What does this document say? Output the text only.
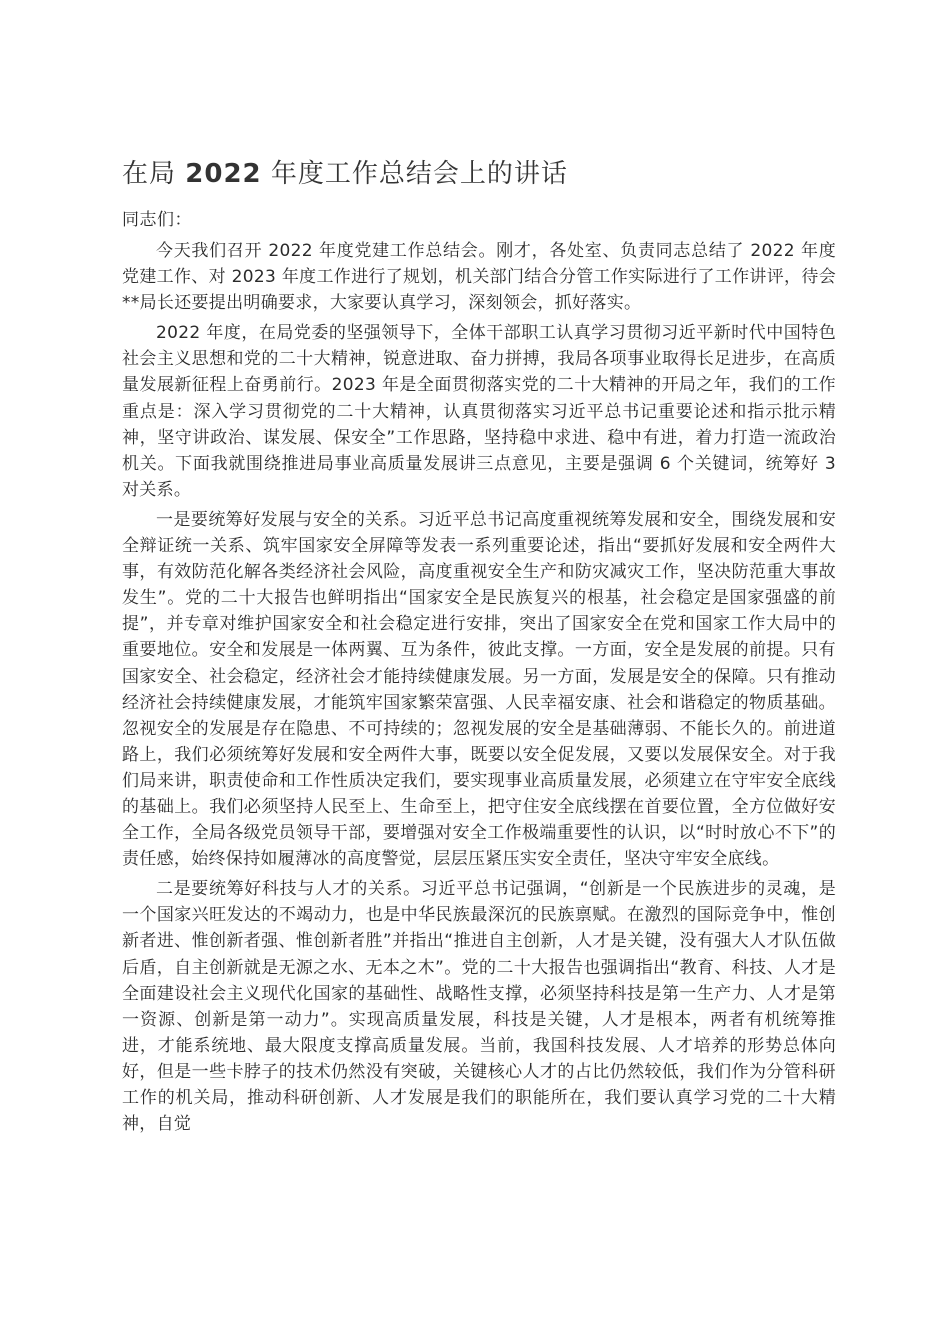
在局 2022 年度工作总结会上的讲话

同志们：

今天我们召开 2022 年度党建工作总结会。刚才，各处室、负责同志总结了 2022 年度党建工作、对 2023 年度工作进行了规划，机关部门结合分管工作实际进行了工作讲评，待会**局长还要提出明确要求，大家要认真学习，深刻领会，抓好落实。

2022 年度，在局党委的坚强领导下，全体干部职工认真学习贯彻习近平新时代中国特色社会主义思想和党的二十大精神，锐意进取、奋力拼搏，我局各项事业取得长足进步，在高质量发展新征程上奋勇前行。2023 年是全面贯彻落实党的二十大精神的开局之年，我们的工作重点是：深入学习贯彻党的二十大精神，认真贯彻落实习近平总书记重要论述和指示批示精神，坚守讲政治、谋发展、保安全”工作思路，坚持稳中求进、稳中有进，着力打造一流政治机关。下面我就围绕推进局事业高质量发展讲三点意见，主要是强调 6 个关键词，统筹好 3 对关系。

一是要统筹好发展与安全的关系。习近平总书记高度重视统筹发展和安全，围绕发展和安全辩证统一关系、筑牢国家安全屏障等发表一系列重要论述，指出“要抓好发展和安全两件大事，有效防范化解各类经济社会风险，高度重视安全生产和防灾减灾工作，坚决防范重大事故发生”。党的二十大报告也鲜明指出“国家安全是民族复兴的根基，社会稳定是国家强盛的前提”，并专章对维护国家安全和社会稳定进行安排，突出了国家安全在党和国家工作大局中的重要地位。安全和发展是一体两翼、互为条件，彼此支撑。一方面，安全是发展的前提。只有国家安全、社会稳定，经济社会才能持续健康发展。另一方面，发展是安全的保障。只有推动经济社会持续健康发展，才能筑牢国家繁荣富强、人民幸福安康、社会和谐稳定的物质基础。忽视安全的发展是存在隐患、不可持续的；忽视发展的安全是基础薄弱、不能长久的。前进道路上，我们必须统筹好发展和安全两件大事，既要以安全促发展，又要以发展保安全。对于我们局来讲，职责使命和工作性质决定我们，要实现事业高质量发展，必须建立在守牢安全底线的基础上。我们必须坚持人民至上、生命至上，把守住安全底线摆在首要位置，全方位做好安全工作，全局各级党员领导干部，要增强对安全工作极端重要性的认识，以“时时放心不下”的责任感，始终保持如履薄冰的高度警觉，层层压紧压实安全责任，坚决守牢安全底线。

二是要统筹好科技与人才的关系。习近平总书记强调，“创新是一个民族进步的灵魂，是一个国家兴旺发达的不竭动力，也是中华民族最深沉的民族禀赋。在激烈的国际竞争中，惟创新者进、惟创新者强、惟创新者胜”并指出“推进自主创新，人才是关键，没有强大人才队伍做后盾，自主创新就是无源之水、无本之木”。党的二十大报告也强调指出“教育、科技、人才是全面建设社会主义现代化国家的基础性、战略性支撑，必须坚持科技是第一生产力、人才是第一资源、创新是第一动力”。实现高质量发展，科技是关键，人才是根本，两者有机统筹推进，才能系统地、最大限度支撑高质量发展。当前，我国科技发展、人才培养的形势总体向好，但是一些卡脖子的技术仍然没有突破，关键核心人才的占比仍然较低，我们作为分管科研工作的机关局，推动科研创新、人才发展是我们的职能所在，我们要认真学习党的二十大精神，自觉
